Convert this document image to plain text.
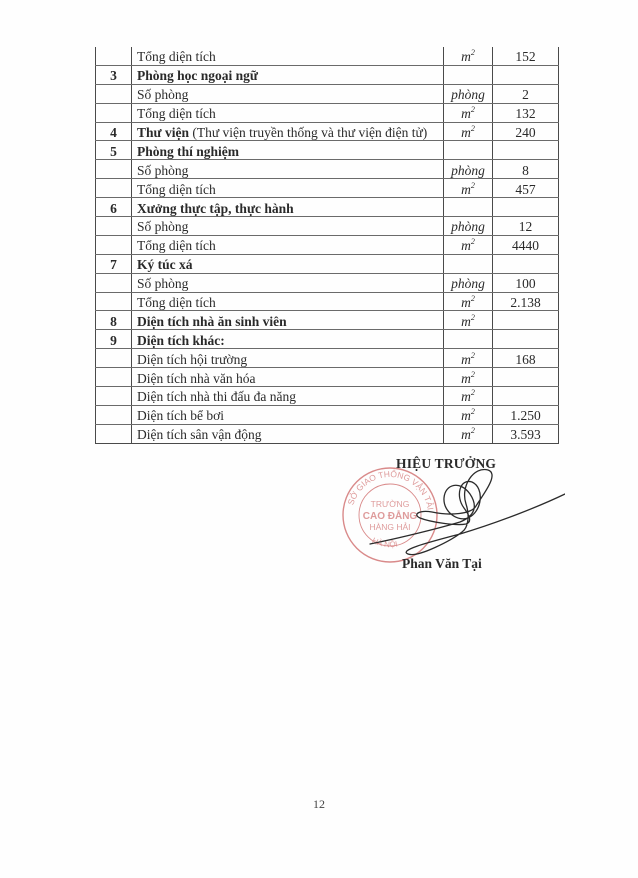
	Tổng diện tích	$m^2$	152
3	Phòng học ngoại ngữ		
	Số phòng	phòng	2
	Tổng diện tích	$m^2$	132
4	Thư viện (Thư viện truyền thống và thư viện điện tử)	$m^2$	240
5	Phòng thí nghiệm		
	Số phòng	phòng	8
	Tổng diện tích	$m^2$	457
6	Xưởng thực tập, thực hành		
	Số phòng	phòng	12
	Tổng diện tích	$m^2$	4440
7	Ký túc xá		
	Số phòng	phòng	100
	Tổng diện tích	$m^2$	2.138
8	Diện tích nhà ăn sinh viên	$m^2$	
9	Diện tích khác:		
	Diện tích hội trường	$m^2$	168
	Diện tích nhà văn hóa	$m^2$	
	Diện tích nhà thi đấu đa năng	$m^2$	
	Diện tích bể bơi	$m^2$	1.250
	Diện tích sân vận động	$m^2$	3.593
SỞ GIAO THÔNG VẬN TẢI
HÀ NỘI
TRƯỜNG
CAO ĐẲNG
HÀNG HẢI
HIỆU TRƯỞNG
Phan Văn Tại
12
